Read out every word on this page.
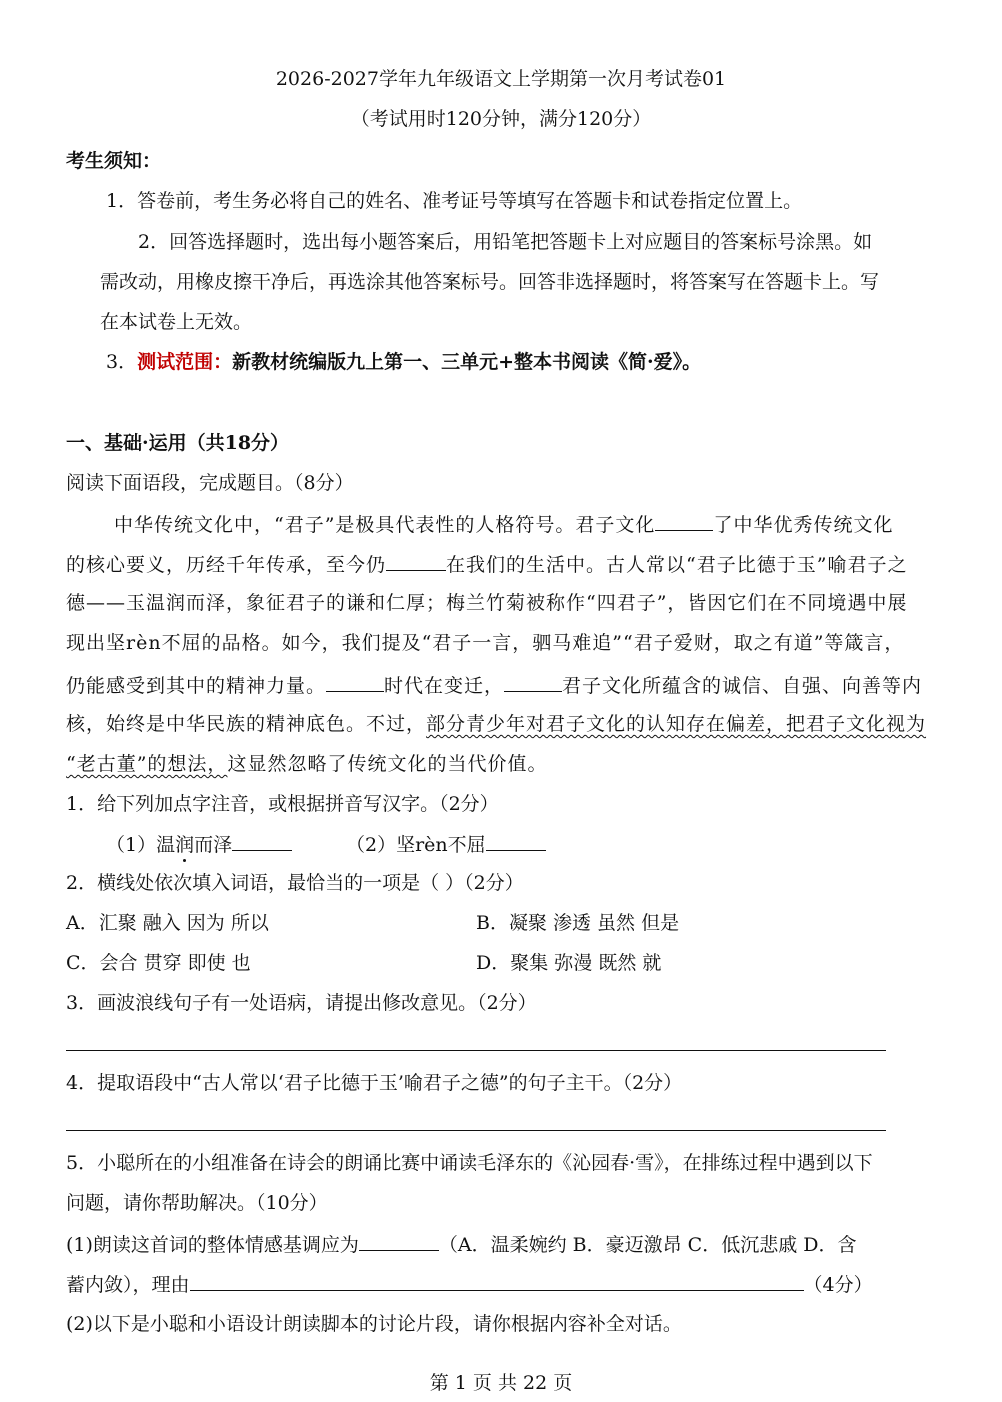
2026-2027学年九年级语文上学期第一次月考试卷01
（考试用时120分钟，满分120分）
考生须知：
1．答卷前，考生务必将自己的姓名、准考证号等填写在答题卡和试卷指定位置上。
2．回答选择题时，选出每小题答案后，用铅笔把答题卡上对应题目的答案标号涂黑。如
需改动，用橡皮擦干净后，再选涂其他答案标号。回答非选择题时，将答案写在答题卡上。写
在本试卷上无效。
3．测试范围：新教材统编版九上第一、三单元+整本书阅读《简·爱》。
一、基础·运用（共18分）
阅读下面语段，完成题目。（8分）
中华传统文化中，“君子”是极具代表性的人格符号。君子文化	了中华优秀传统文化
的核心要义，历经千年传承，至今仍	在我们的生活中。古人常以“君子比德于玉”喻君子之
德——玉温润而泽，象征君子的谦和仁厚；梅兰竹菊被称作“四君子”，皆因它们在不同境遇中展
现出坚rèn不屈的品格。如今，我们提及“君子一言，驷马难追”“君子爱财，取之有道”等箴言，
仍能感受到其中的精神力量。	时代在变迁，	君子文化所蕴含的诚信、自强、向善等内
核，始终是中华民族的精神底色。不过，部分青少年对君子文化的认知存在偏差，把君子文化视为
“老古董”的想法，这显然忽略了传统文化的当代价值。
1．给下列加点字注音，或根据拼音写汉字。（2分）
（1）温润而泽	（2）坚rèn不屈
2．横线处依次填入词语，最恰当的一项是（ ）（2分）
A．汇聚 融入 因为 所以	B．凝聚 渗透 虽然 但是
C．会合 贯穿 即使 也	D．聚集 弥漫 既然 就
3．画波浪线句子有一处语病，请提出修改意见。（2分）
4．提取语段中“古人常以‘君子比德于玉’喻君子之德”的句子主干。（2分）
5．小聪所在的小组准备在诗会的朗诵比赛中诵读毛泽东的《沁园春·雪》，在排练过程中遇到以下
问题，请你帮助解决。（10分）
(1)朗读这首词的整体情感基调应为	（A．温柔婉约 B．豪迈激昂 C．低沉悲戚 D．含
蓄内敛），理由	（4分）
(2)以下是小聪和小语设计朗读脚本的讨论片段，请你根据内容补全对话。
第 1 页 共 22 页
